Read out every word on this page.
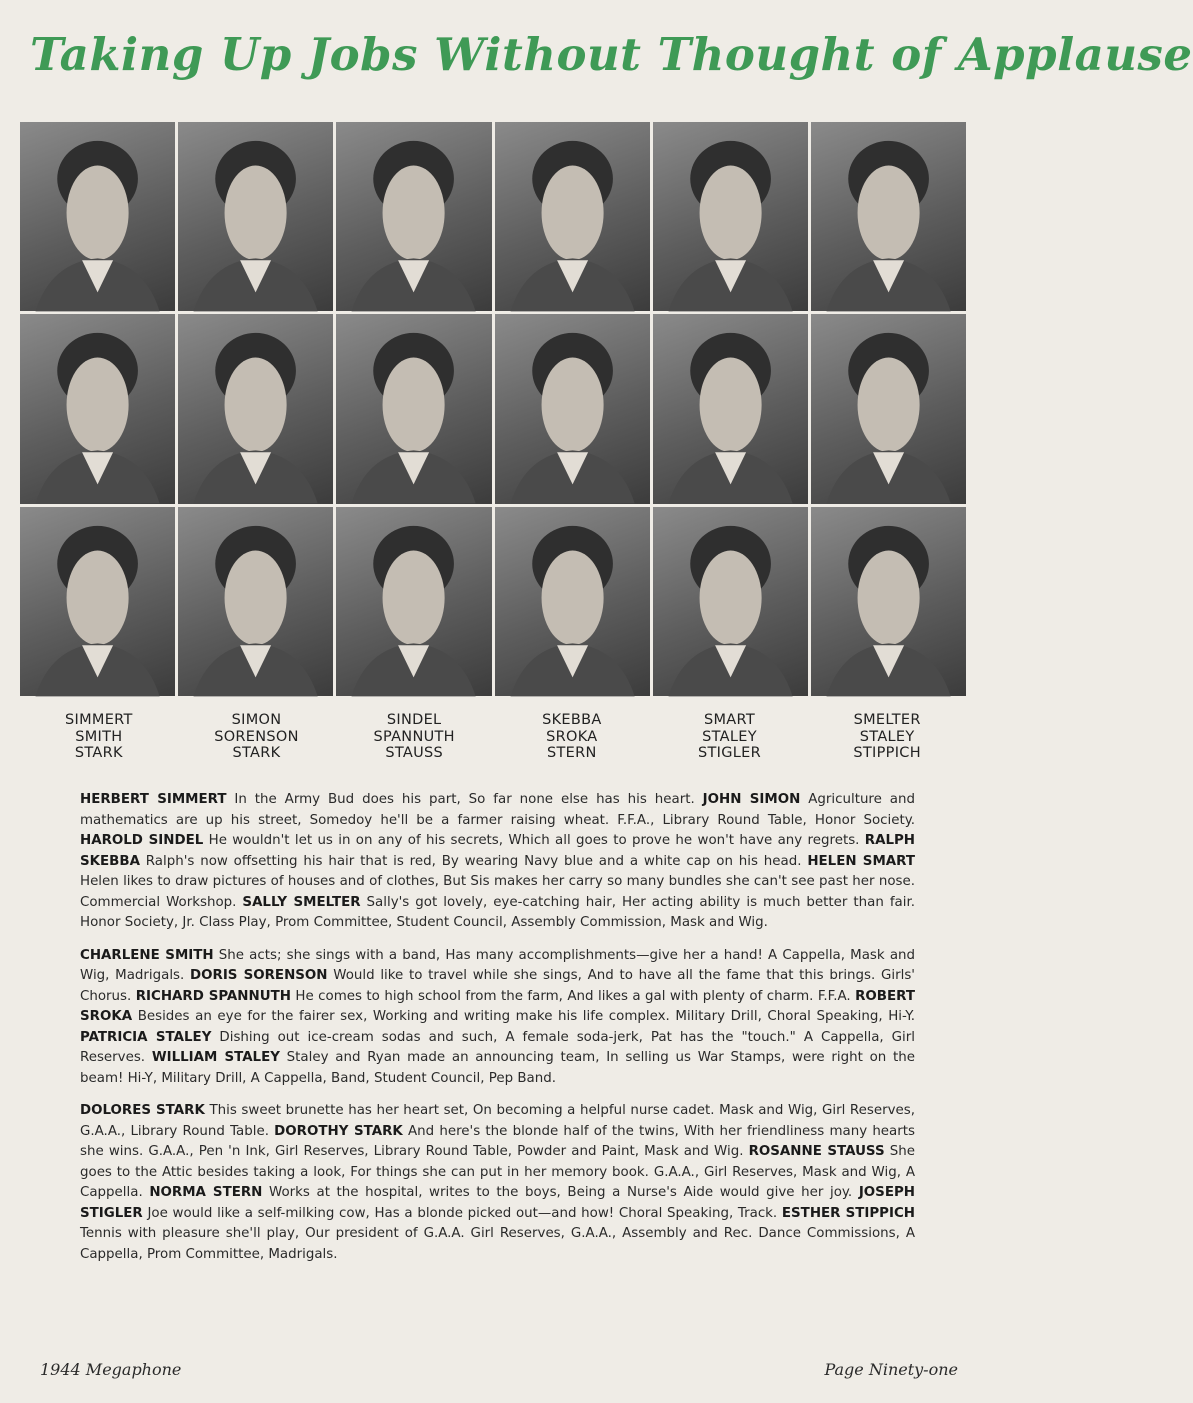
Taking Up Jobs Without Thought of Applause
SIMMERT
SMITH
STARK
SIMON
SORENSON
STARK
SINDEL
SPANNUTH
STAUSS
SKEBBA
SROKA
STERN
SMART
STALEY
STIGLER
SMELTER
STALEY
STIPPICH

HERBERT SIMMERT In the Army Bud does his part, So far none else has his heart. JOHN SIMON Agriculture and mathematics are up his street, Somedoy he'll be a farmer raising wheat. F.F.A., Library Round Table, Honor Society. HAROLD SINDEL He wouldn't let us in on any of his secrets, Which all goes to prove he won't have any regrets. RALPH SKEBBA Ralph's now offsetting his hair that is red, By wearing Navy blue and a white cap on his head. HELEN SMART Helen likes to draw pictures of houses and of clothes, But Sis makes her carry so many bundles she can't see past her nose. Commercial Workshop. SALLY SMELTER Sally's got lovely, eye-catching hair, Her acting ability is much better than fair. Honor Society, Jr. Class Play, Prom Committee, Student Council, Assembly Commission, Mask and Wig.

CHARLENE SMITH She acts; she sings with a band, Has many accomplishments—give her a hand! A Cappella, Mask and Wig, Madrigals. DORIS SORENSON Would like to travel while she sings, And to have all the fame that this brings. Girls' Chorus. RICHARD SPANNUTH He comes to high school from the farm, And likes a gal with plenty of charm. F.F.A. ROBERT SROKA Besides an eye for the fairer sex, Working and writing make his life complex. Military Drill, Choral Speaking, Hi-Y. PATRICIA STALEY Dishing out ice-cream sodas and such, A female soda-jerk, Pat has the "touch." A Cappella, Girl Reserves. WILLIAM STALEY Staley and Ryan made an announcing team, In selling us War Stamps, were right on the beam! Hi-Y, Military Drill, A Cappella, Band, Student Council, Pep Band.

DOLORES STARK This sweet brunette has her heart set, On becoming a helpful nurse cadet. Mask and Wig, Girl Reserves, G.A.A., Library Round Table. DOROTHY STARK And here's the blonde half of the twins, With her friendliness many hearts she wins. G.A.A., Pen 'n Ink, Girl Reserves, Library Round Table, Powder and Paint, Mask and Wig. ROSANNE STAUSS She goes to the Attic besides taking a look, For things she can put in her memory book. G.A.A., Girl Reserves, Mask and Wig, A Cappella. NORMA STERN Works at the hospital, writes to the boys, Being a Nurse's Aide would give her joy. JOSEPH STIGLER Joe would like a self-milking cow, Has a blonde picked out—and how! Choral Speaking, Track. ESTHER STIPPICH Tennis with pleasure she'll play, Our president of G.A.A. Girl Reserves, G.A.A., Assembly and Rec. Dance Commissions, A Cappella, Prom Committee, Madrigals.

1944 Megaphone	Page Ninety-one
